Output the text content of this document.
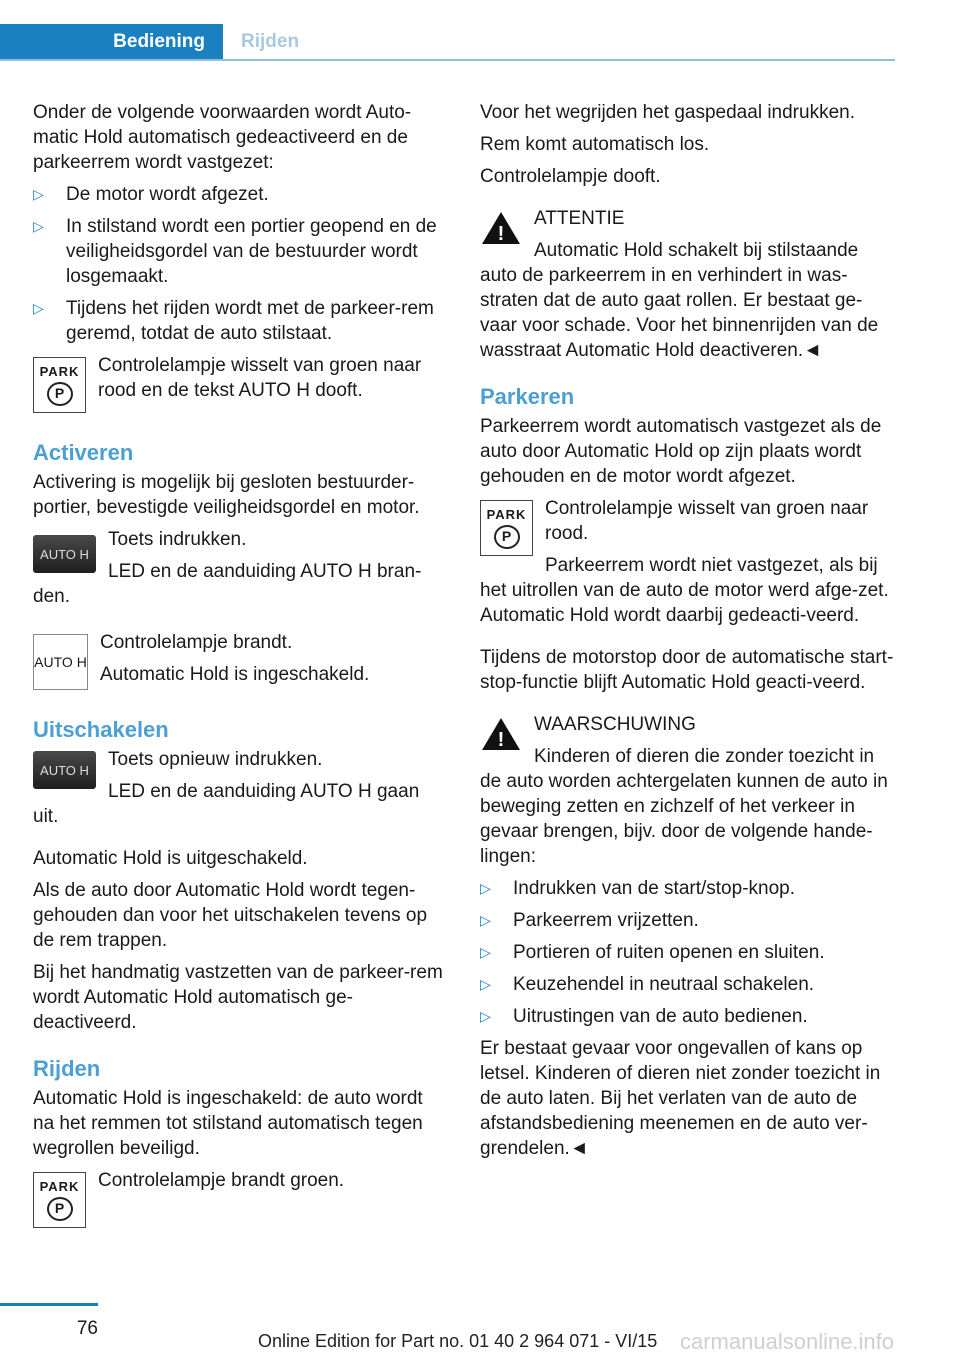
Bediening	Rijden

Onder de volgende voorwaarden wordt Auto-matic Hold automatisch gedeactiveerd en de parkeerrem wordt vastgezet:

▷ De motor wordt afgezet.
▷ In stilstand wordt een portier geopend en de veiligheidsgordel van de bestuurder wordt losgemaakt.
▷ Tijdens het rijden wordt met de parkeer-rem geremd, totdat de auto stilstaat.
PARK
P

Controlelampje wisselt van groen naar rood en de tekst AUTO H dooft.

Activeren

Activering is mogelijk bij gesloten bestuurder-portier, bevestigde veiligheidsgordel en motor.

AUTO H

Toets indrukken.

LED en de aanduiding AUTO H bran-den.

AUTO H

Controlelampje brandt.

Automatic Hold is ingeschakeld.

Uitschakelen
AUTO H	Toets opnieuw indrukken.

LED en de aanduiding AUTO H gaan uit.

Automatic Hold is uitgeschakeld.

Als de auto door Automatic Hold wordt tegen-gehouden dan voor het uitschakelen tevens op de rem trappen.

Bij het handmatig vastzetten van de parkeer-rem wordt Automatic Hold automatisch ge-deactiveerd.

Rijden

Automatic Hold is ingeschakeld: de auto wordt na het remmen tot stilstand automatisch tegen wegrollen beveiligd.

PARK
P

Controlelampje brandt groen.

Voor het wegrijden het gaspedaal indrukken.

Rem komt automatisch los.

Controlelampje dooft.

!

ATTENTIE

Automatic Hold schakelt bij stilstaande auto de parkeerrem in en verhindert in was-straten dat de auto gaat rollen. Er bestaat ge-vaar voor schade. Voor het binnenrijden van de wasstraat Automatic Hold deactiveren.◄

Parkeren

Parkeerrem wordt automatisch vastgezet als de auto door Automatic Hold op zijn plaats wordt gehouden en de motor wordt afgezet.

PARK
P

Controlelampje wisselt van groen naar rood.

Parkeerrem wordt niet vastgezet, als bij het uitrollen van de auto de motor werd afge-zet. Automatic Hold wordt daarbij gedeacti-veerd.

Tijdens de motorstop door de automatische start-stop-functie blijft Automatic Hold geacti-veerd.

!

WAARSCHUWING

Kinderen of dieren die zonder toezicht in de auto worden achtergelaten kunnen de auto in beweging zetten en zichzelf of het verkeer in gevaar brengen, bijv. door de volgende hande-lingen:

▷ Indrukken van de start/stop-knop.
▷ Parkeerrem vrijzetten.
▷ Portieren of ruiten openen en sluiten.
▷ Keuzehendel in neutraal schakelen.
▷ Uitrustingen van de auto bedienen.

Er bestaat gevaar voor ongevallen of kans op letsel. Kinderen of dieren niet zonder toezicht in de auto laten. Bij het verlaten van de auto de afstandsbediening meenemen en de auto ver-grendelen.◄

76
Online Edition for Part no. 01 40 2 964 071 - VI/15 carmanualsonline.info
